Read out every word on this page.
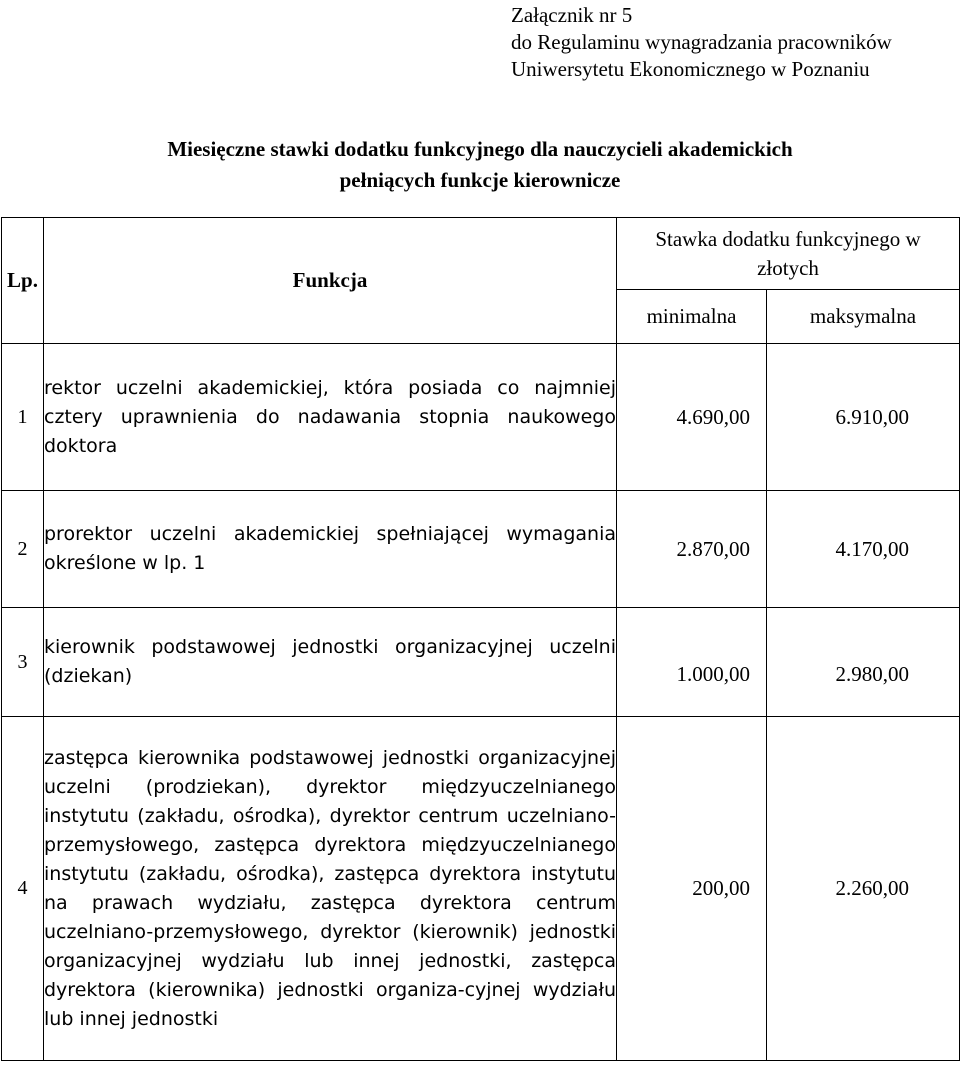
Załącznik nr 5
do Regulaminu wynagradzania pracowników
Uniwersytetu Ekonomicznego w Poznaniu
Miesięczne stawki dodatku funkcyjnego dla nauczycieli akademickich
pełniących funkcje kierownicze
Lp.	Funkcja	Stawka dodatku funkcyjnego w złotych	
		minimalna	maksymalna
1	rektor uczelni akademickiej, która posiada co najmniej cztery uprawnienia do nadawania stopnia naukowego doktora	4.690,00	6.910,00
2	prorektor uczelni akademickiej spełniającej wymagania określone w lp. 1	2.870,00	4.170,00
3	kierownik podstawowej jednostki organizacyjnej uczelni (dziekan)	1.000,00	2.980,00
4	zastępca kierownika podstawowej jednostki organizacyjnej uczelni (prodziekan), dyrektor międzyuczelnianego instytutu (zakładu, ośrodka), dyrektor centrum uczelniano-przemysłowego, zastępca dyrektora międzyuczelnianego instytutu (zakładu, ośrodka), zastępca dyrektora instytutu na prawach wydziału, zastępca dyrektora centrum uczelniano-przemysłowego, dyrektor (kierownik) jednostki organizacyjnej wydziału lub innej jednostki, zastępca dyrektora (kierownika) jednostki organiza-cyjnej wydziału lub innej jednostki	200,00	2.260,00
